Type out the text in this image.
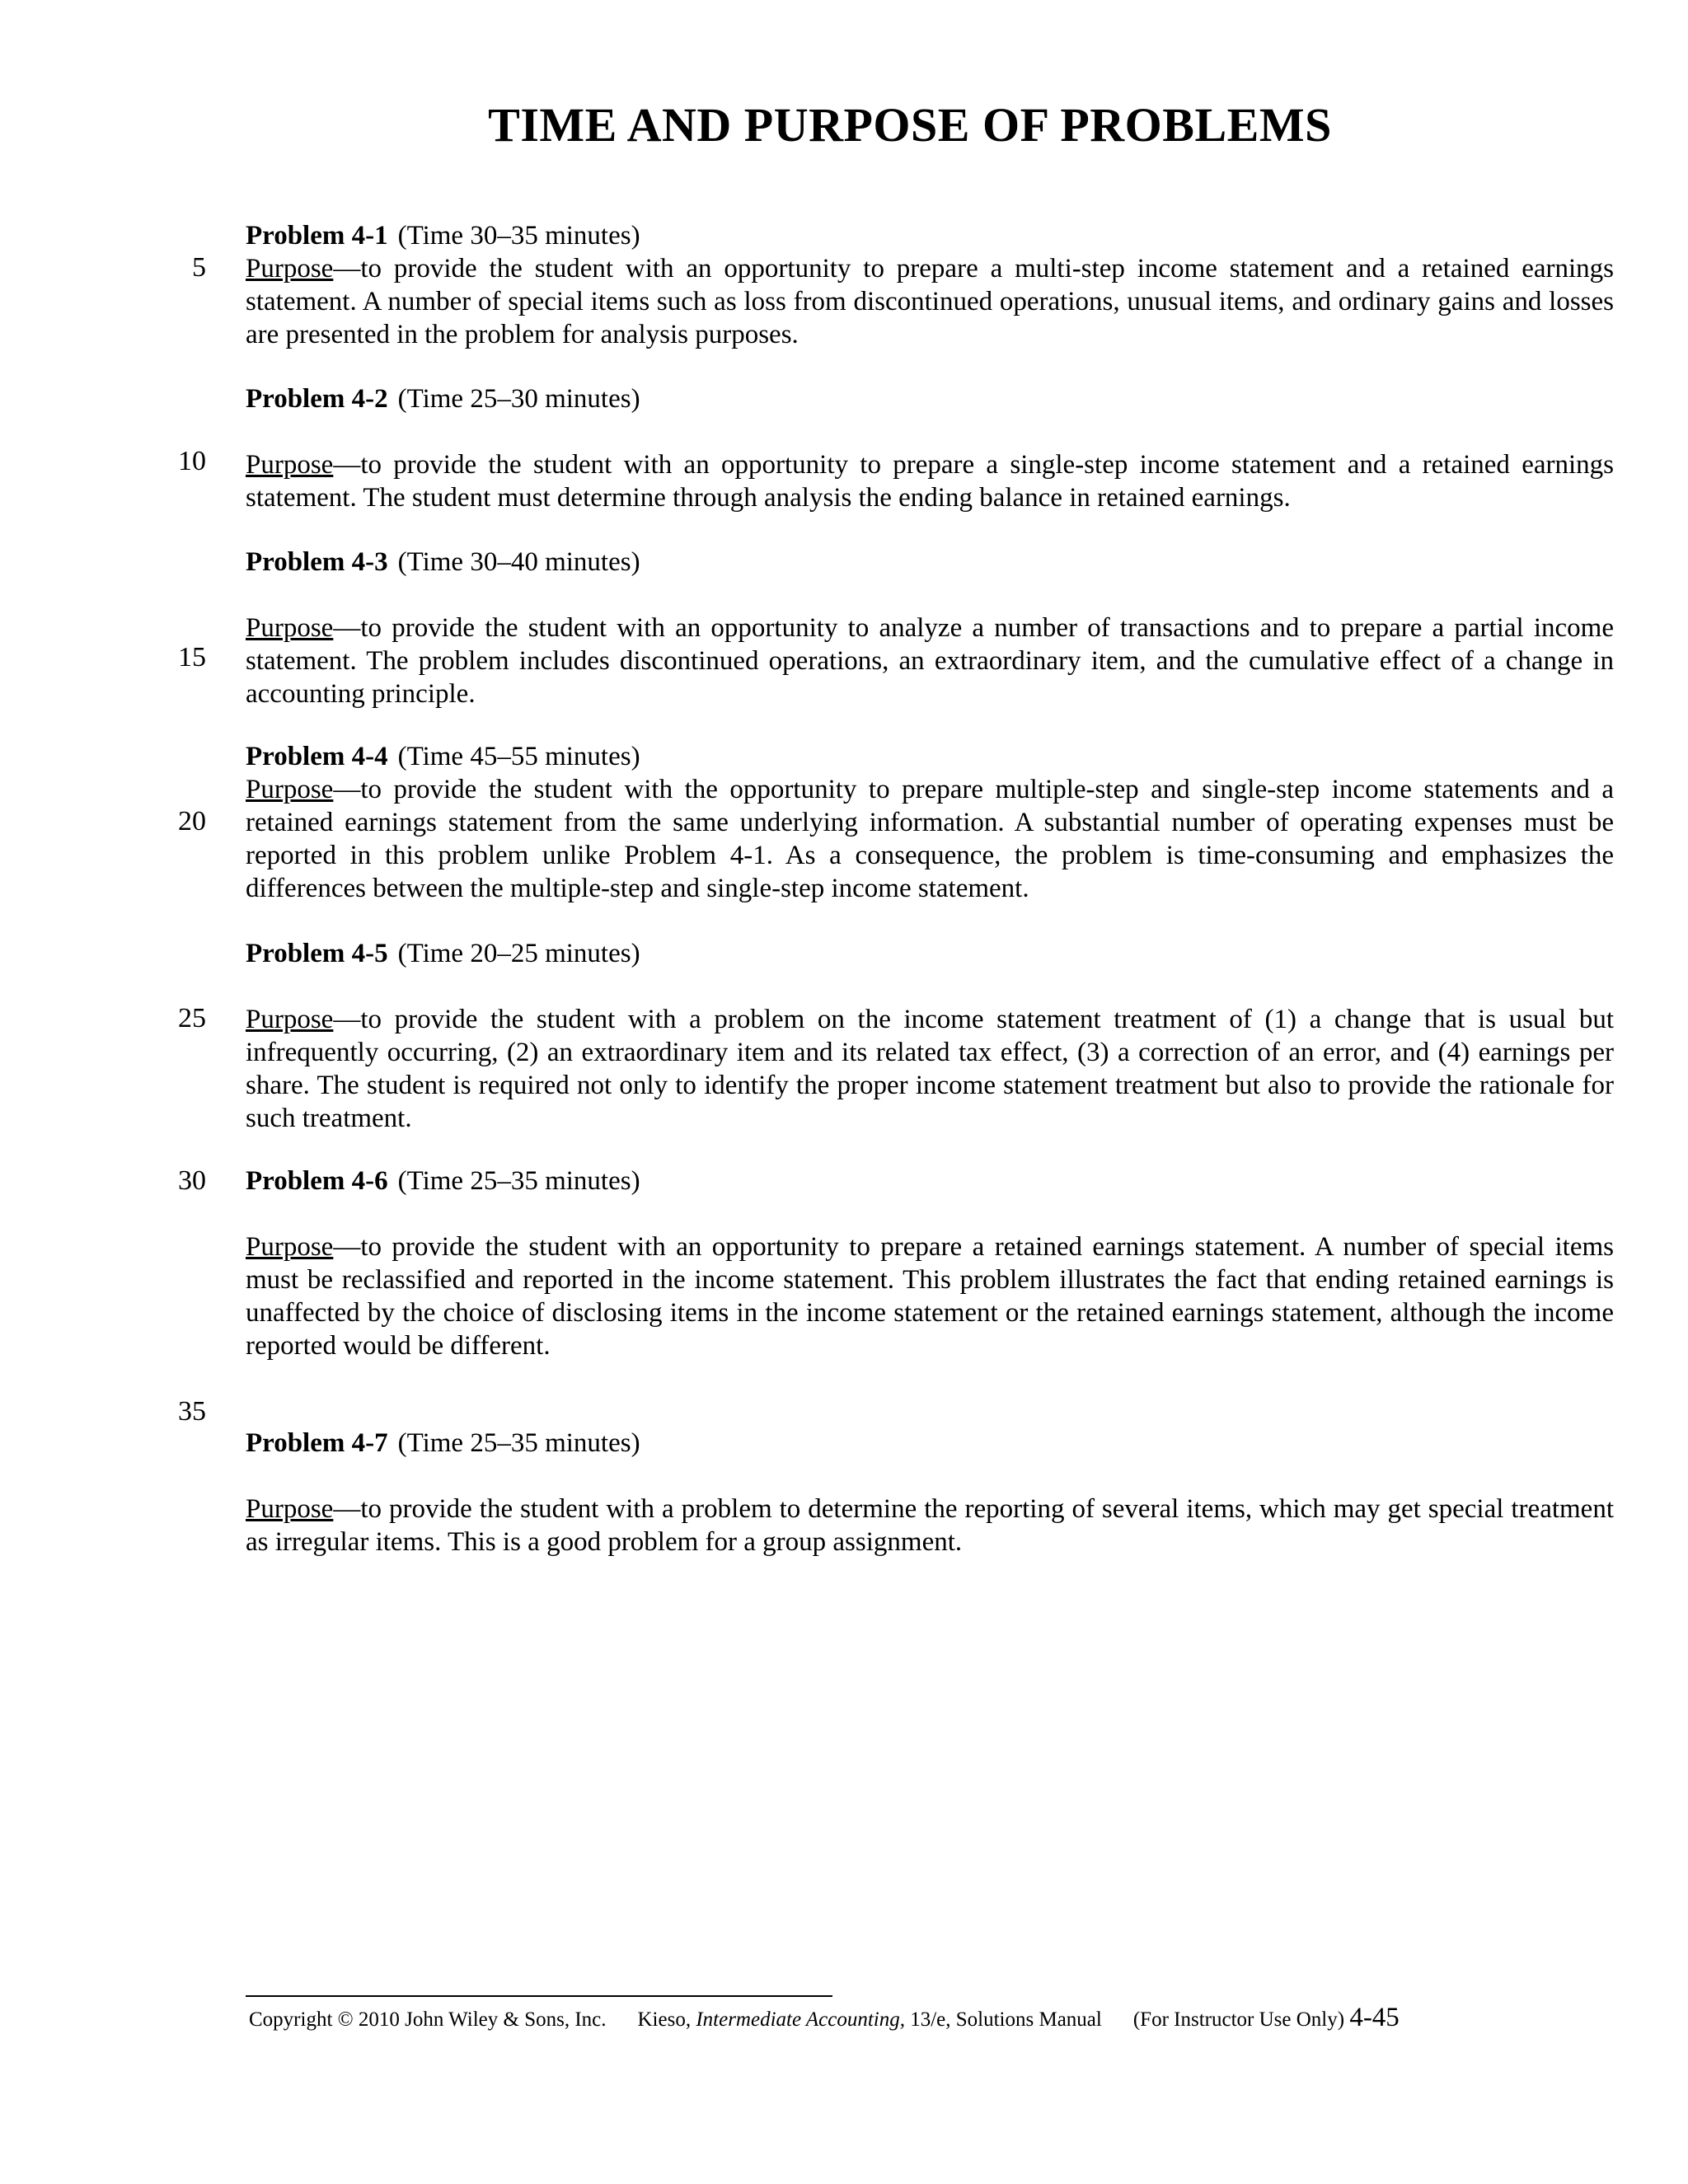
TIME AND PURPOSE OF PROBLEMS
5
10
15
20
25
30
35
Problem 4-1 (Time 30–35 minutes)
Purpose—to provide the student with an opportunity to prepare a multi-step income statement and a retained earnings statement. A number of special items such as loss from discontinued operations, unusual items, and ordinary gains and losses are presented in the problem for analysis purposes.
Problem 4-2 (Time 25–30 minutes)
Purpose—to provide the student with an opportunity to prepare a single-step income statement and a retained earnings statement. The student must determine through analysis the ending balance in retained earnings.
Problem 4-3 (Time 30–40 minutes)
Purpose—to provide the student with an opportunity to analyze a number of transactions and to prepare a partial income statement. The problem includes discontinued operations, an extraordinary item, and the cumulative effect of a change in accounting principle.
Problem 4-4 (Time 45–55 minutes)
Purpose—to provide the student with the opportunity to prepare multiple-step and single-step income statements and a retained earnings statement from the same underlying information. A substantial number of operating expenses must be reported in this problem unlike Problem 4-1. As a consequence, the problem is time-consuming and emphasizes the differences between the multiple-step and single-step income statement.
Problem 4-5 (Time 20–25 minutes)
Purpose—to provide the student with a problem on the income statement treatment of (1) a change that is usual but infrequently occurring, (2) an extraordinary item and its related tax effect, (3) a correction of an error, and (4) earnings per share. The student is required not only to identify the proper income statement treatment but also to provide the rationale for such treatment.
Problem 4-6 (Time 25–35 minutes)
Purpose—to provide the student with an opportunity to prepare a retained earnings statement. A number of special items must be reclassified and reported in the income statement. This problem illustrates the fact that ending retained earnings is unaffected by the choice of disclosing items in the income statement or the retained earnings statement, although the income reported would be different.
Problem 4-7 (Time 25–35 minutes)
Purpose—to provide the student with a problem to determine the reporting of several items, which may get special treatment as irregular items. This is a good problem for a group assignment.
Copyright © 2010 John Wiley & Sons, Inc. Kieso, Intermediate Accounting, 13/e, Solutions Manual (For Instructor Use Only) 4-45
